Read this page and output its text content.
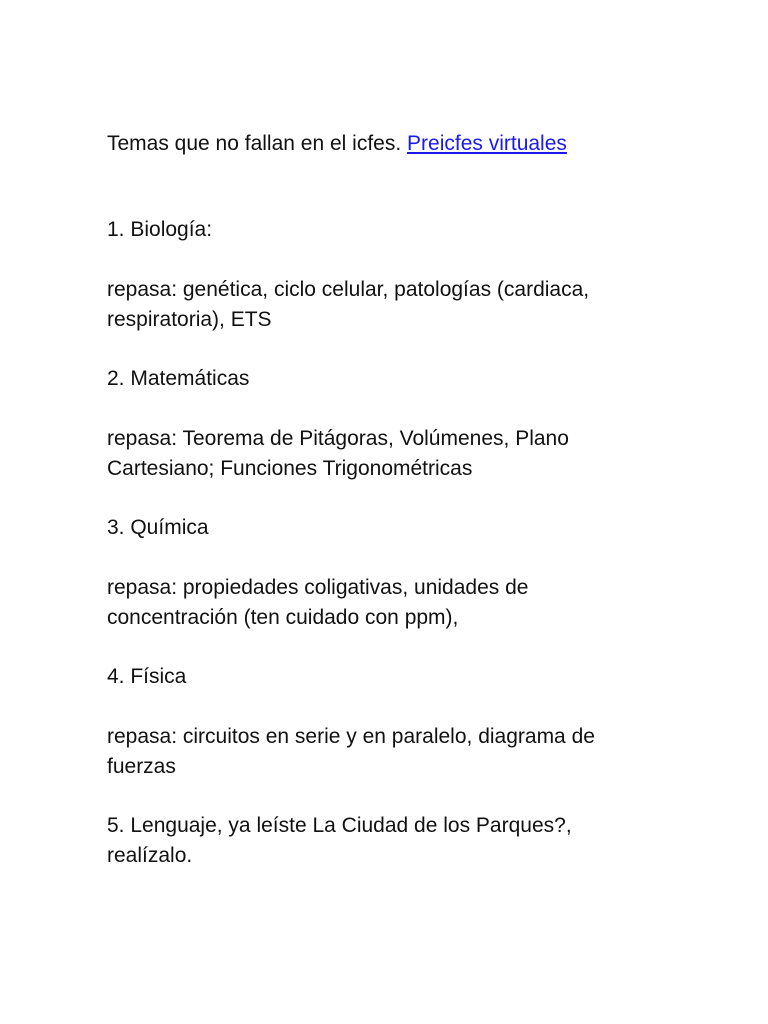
Temas que no fallan en el icfes. Preicfes virtuales

1. Biología:

repasa: genética, ciclo celular, patologías (cardiaca,

respiratoria), ETS

2. Matemáticas

repasa: Teorema de Pitágoras, Volúmenes, Plano

Cartesiano; Funciones Trigonométricas

3. Química

repasa: propiedades coligativas, unidades de

concentración (ten cuidado con ppm),

4. Física

repasa: circuitos en serie y en paralelo, diagrama de

fuerzas

5. Lenguaje, ya leíste La Ciudad de los Parques?,

realízalo.
